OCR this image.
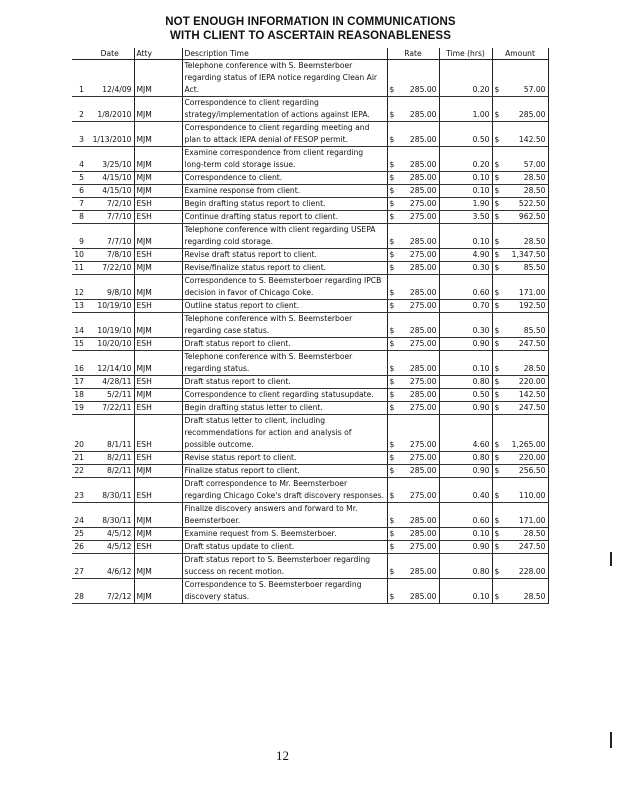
NOT ENOUGH INFORMATION IN COMMUNICATIONS
WITH CLIENT TO ASCERTAIN REASONABLENESS
	Date	Atty	Description Time	Rate	Time (hrs)	Amount
1	12/4/09	MJM	Telephone conference with S. Beemsterboer regarding status of IEPA notice regarding Clean Air Act.	$ 285.00	0.20	$ 57.00
2	1/8/2010	MJM	Correspondence to client regarding strategy/implementation of actions against IEPA.	$ 285.00	1.00	$ 285.00
3	1/13/2010	MJM	Correspondence to client regarding meeting and plan to attack IEPA denial of FESOP permit.	$ 285.00	0.50	$ 142.50
4	3/25/10	MJM	Examine correspondence from client regarding long-term cold storage issue.	$ 285.00	0.20	$ 57.00
5	4/15/10	MJM	Correspondence to client.	$ 285.00	0.10	$ 28.50
6	4/15/10	MJM	Examine response from client.	$ 285.00	0.10	$ 28.50
7	7/2/10	ESH	Begin drafting status report to client.	$ 275.00	1.90	$ 522.50
8	7/7/10	ESH	Continue drafting status report to client.	$ 275.00	3.50	$ 962.50
9	7/7/10	MJM	Telephone conference with client regarding USEPA regarding cold storage.	$ 285.00	0.10	$ 28.50
10	7/8/10	ESH	Revise draft status report to client.	$ 275.00	4.90	$ 1,347.50
11	7/22/10	MJM	Revise/finalize status report to client.	$ 285.00	0.30	$ 85.50
12	9/8/10	MJM	Correspondence to S. Beemsterboer regarding IPCB decision in favor of Chicago Coke.	$ 285.00	0.60	$ 171.00
13	10/19/10	ESH	Outline status report to client.	$ 275.00	0.70	$ 192.50
14	10/19/10	MJM	Telephone conference with S. Beemsterboer regarding case status.	$ 285.00	0.30	$ 85.50
15	10/20/10	ESH	Draft status report to client.	$ 275.00	0.90	$ 247.50
16	12/14/10	MJM	Telephone conference with S. Beemsterboer regarding status.	$ 285.00	0.10	$ 28.50
17	4/28/11	ESH	Draft status report to client.	$ 275.00	0.80	$ 220.00
18	5/2/11	MJM	Correspondence to client regarding statusupdate.	$ 285.00	0.50	$ 142.50
19	7/22/11	ESH	Begin drafting status letter to client.	$ 275.00	0.90	$ 247.50
20	8/1/11	ESH	Draft status letter to client, including recommendations for action and analysis of possible outcome.	$ 275.00	4.60	$ 1,265.00
21	8/2/11	ESH	Revise status report to client.	$ 275.00	0.80	$ 220.00
22	8/2/11	MJM	Finalize status report to client.	$ 285.00	0.90	$ 256.50
23	8/30/11	ESH	Draft correspondence to Mr. Beemsterboer regarding Chicago Coke's draft discovery responses.	$ 275.00	0.40	$ 110.00
24	8/30/11	MJM	Finalize discovery answers and forward to Mr. Beemsterboer.	$ 285.00	0.60	$ 171.00
25	4/5/12	MJM	Examine request from S. Beemsterboer.	$ 285.00	0.10	$ 28.50
26	4/5/12	ESH	Draft status update to client.	$ 275.00	0.90	$ 247.50
27	4/6/12	MJM	Draft status report to S. Beemsterboer regarding success on recent motion.	$ 285.00	0.80	$ 228.00
28	7/2/12	MJM	Correspondence to S. Beemsterboer regarding discovery status.	$ 285.00	0.10	$ 28.50
12
